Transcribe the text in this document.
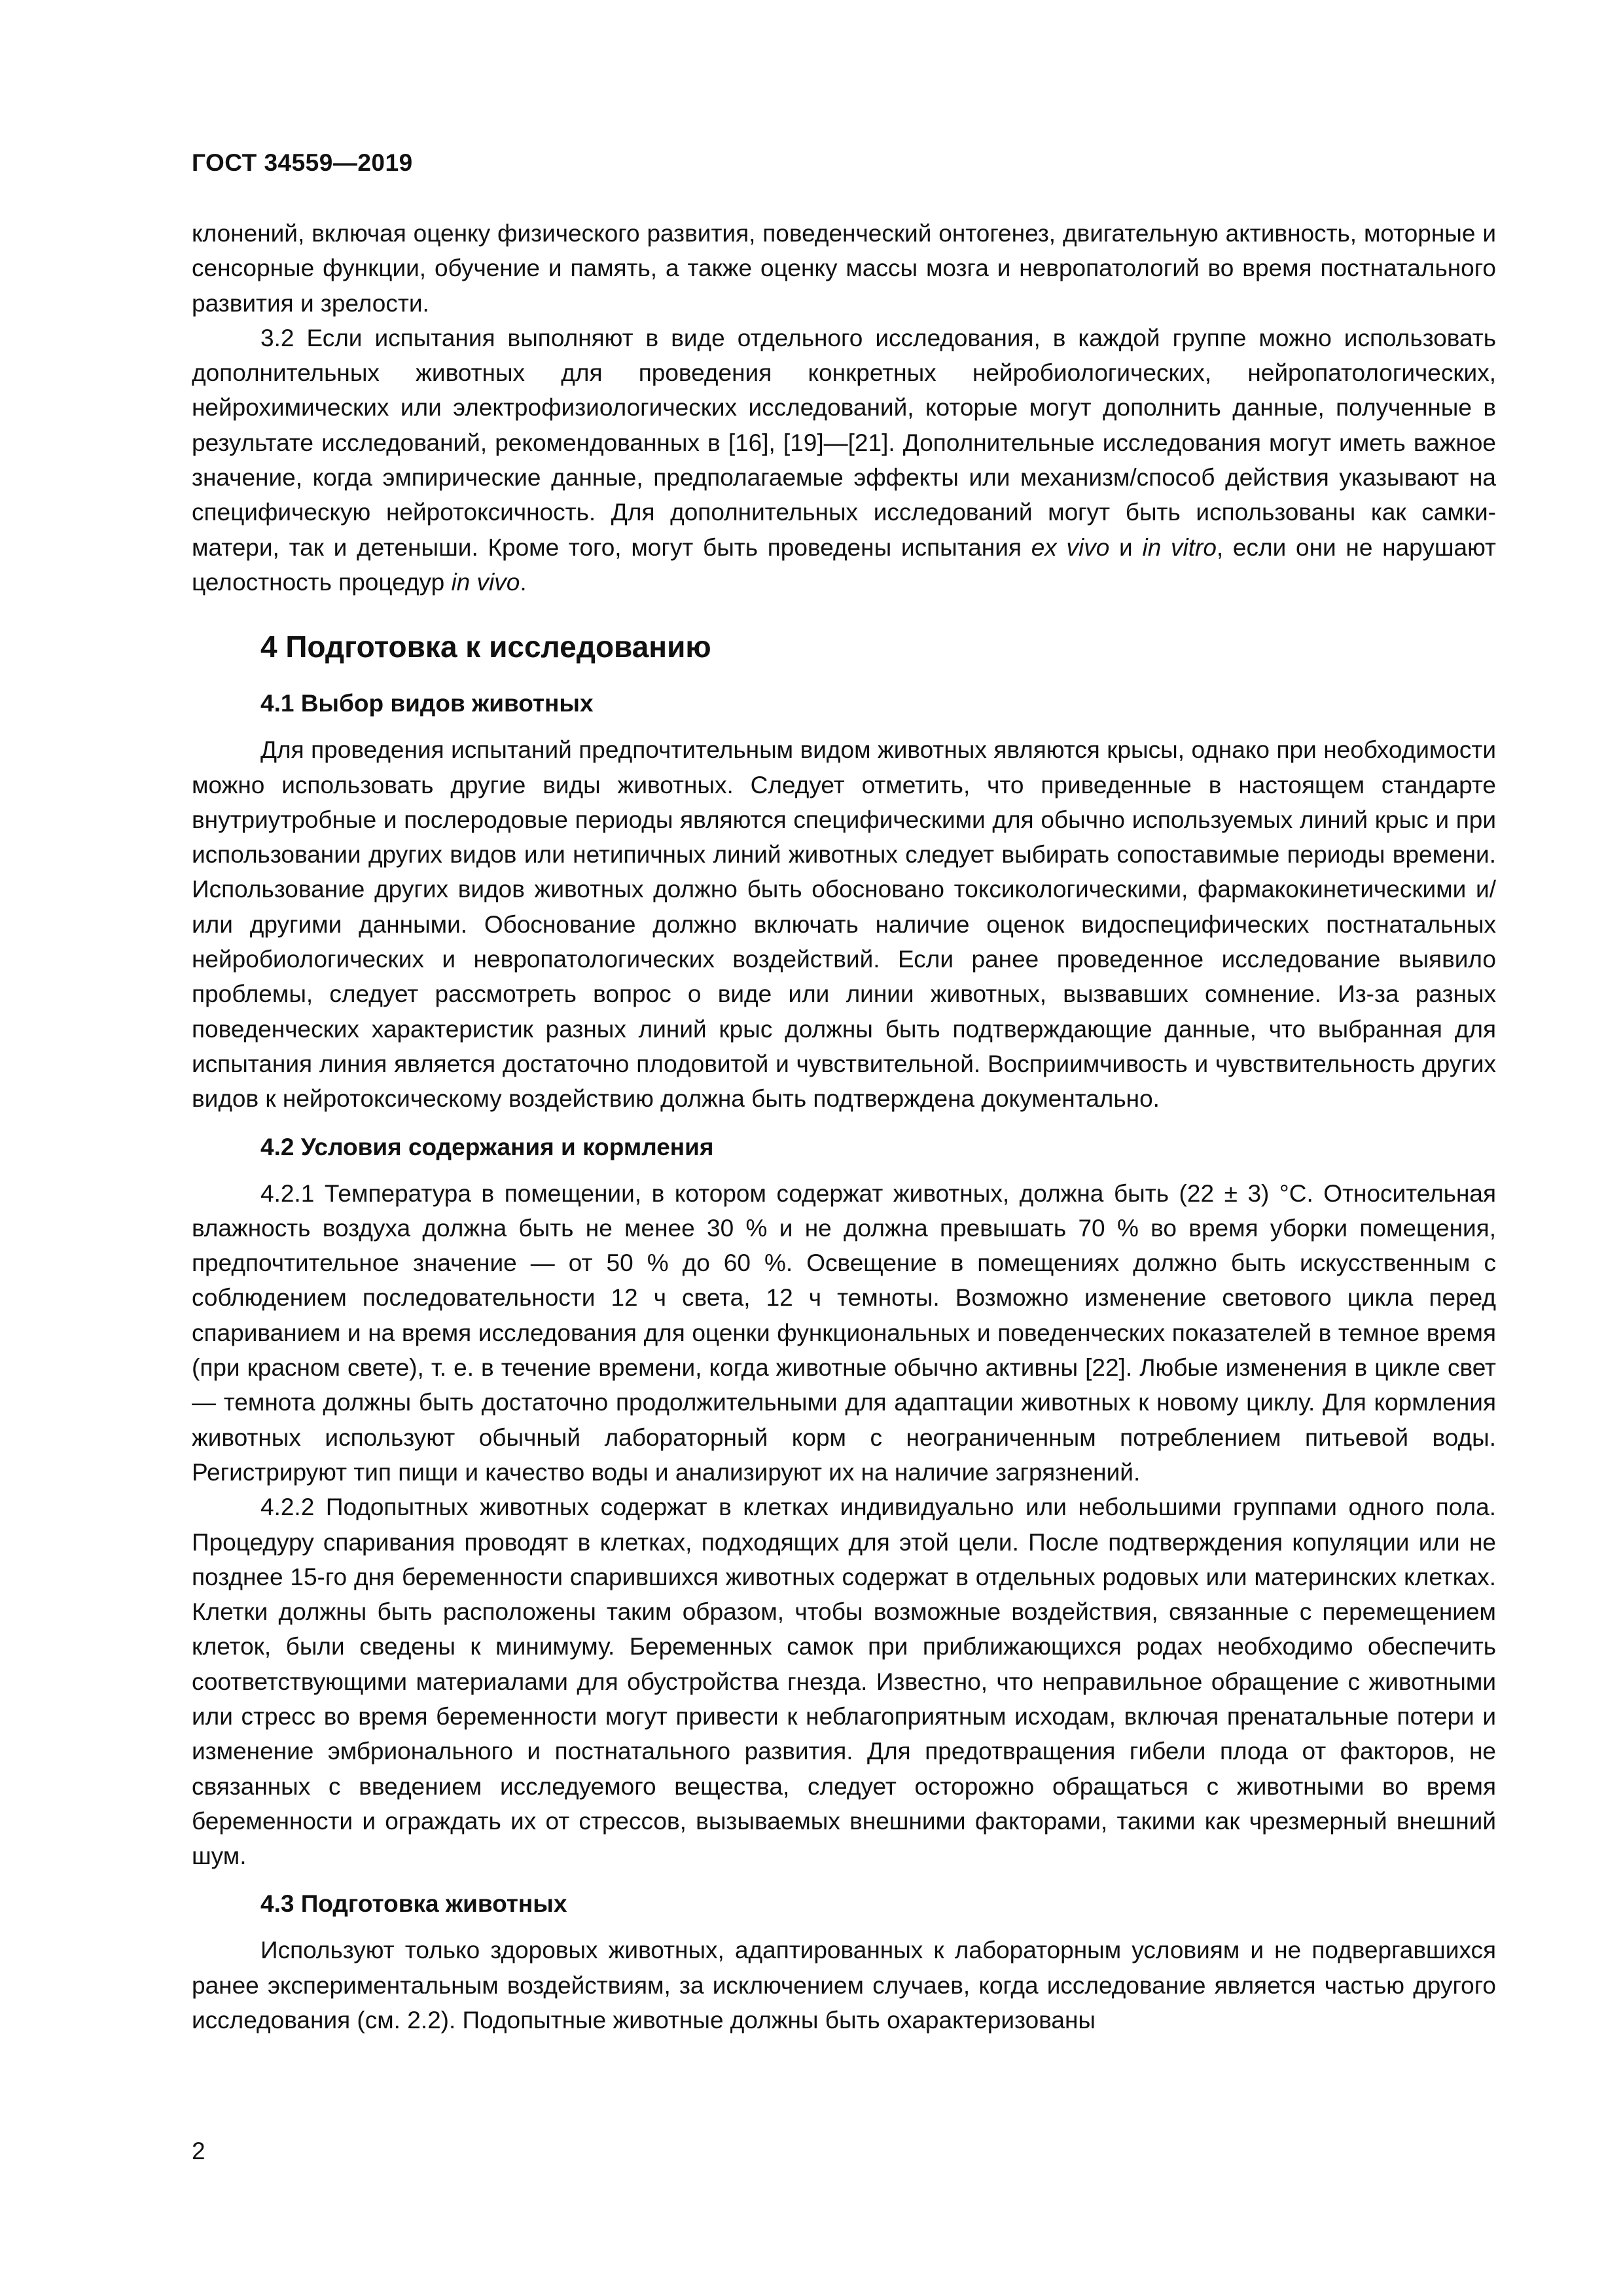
ГОСТ 34559—2019

клонений, включая оценку физического развития, поведенческий онтогенез, двигательную активность, моторные и сенсорные функции, обучение и память, а также оценку массы мозга и невропатологий во время постнатального развития и зрелости.

3.2 Если испытания выполняют в виде отдельного исследования, в каждой группе можно использовать дополнительных животных для проведения конкретных нейробиологических, нейропатологических, нейрохимических или электрофизиологических исследований, которые могут дополнить данные, полученные в результате исследований, рекомендованных в [16], [19]—[21]. Дополнительные исследования могут иметь важное значение, когда эмпирические данные, предполагаемые эффекты или механизм/способ действия указывают на специфическую нейротоксичность. Для дополнительных исследований могут быть использованы как самки-матери, так и детеныши. Кроме того, могут быть проведены испытания ex vivo и in vitro, если они не нарушают целостность процедур in vivo.

4 Подготовка к исследованию
4.1 Выбор видов животных

Для проведения испытаний предпочтительным видом животных являются крысы, однако при необходимости можно использовать другие виды животных. Следует отметить, что приведенные в настоящем стандарте внутриутробные и послеродовые периоды являются специфическими для обычно используемых линий крыс и при использовании других видов или нетипичных линий животных следует выбирать сопоставимые периоды времени. Использование других видов животных должно быть обосновано токсикологическими, фармакокинетическими и/или другими данными. Обоснование должно включать наличие оценок видоспецифических постнатальных нейробиологических и невропатологических воздействий. Если ранее проведенное исследование выявило проблемы, следует рассмотреть вопрос о виде или линии животных, вызвавших сомнение. Из-за разных поведенческих характеристик разных линий крыс должны быть подтверждающие данные, что выбранная для испытания линия является достаточно плодовитой и чувствительной. Восприимчивость и чувствительность других видов к нейротоксическому воздействию должна быть подтверждена документально.

4.2 Условия содержания и кормления

4.2.1 Температура в помещении, в котором содержат животных, должна быть (22 ± 3) °С. Относительная влажность воздуха должна быть не менее 30 % и не должна превышать 70 % во время уборки помещения, предпочтительное значение — от 50 % до 60 %. Освещение в помещениях должно быть искусственным с соблюдением последовательности 12 ч света, 12 ч темноты. Возможно изменение светового цикла перед спариванием и на время исследования для оценки функциональных и поведенческих показателей в темное время (при красном свете), т. е. в течение времени, когда животные обычно активны [22]. Любые изменения в цикле свет — темнота должны быть достаточно продолжительными для адаптации животных к новому циклу. Для кормления животных используют обычный лабораторный корм с неограниченным потреблением питьевой воды. Регистрируют тип пищи и качество воды и анализируют их на наличие загрязнений.

4.2.2 Подопытных животных содержат в клетках индивидуально или небольшими группами одного пола. Процедуру спаривания проводят в клетках, подходящих для этой цели. После подтверждения копуляции или не позднее 15-го дня беременности спарившихся животных содержат в отдельных родовых или материнских клетках. Клетки должны быть расположены таким образом, чтобы возможные воздействия, связанные с перемещением клеток, были сведены к минимуму. Беременных самок при приближающихся родах необходимо обеспечить соответствующими материалами для обустройства гнезда. Известно, что неправильное обращение с животными или стресс во время беременности могут привести к неблагоприятным исходам, включая пренатальные потери и изменение эмбрионального и постнатального развития. Для предотвращения гибели плода от факторов, не связанных с введением исследуемого вещества, следует осторожно обращаться с животными во время беременности и ограждать их от стрессов, вызываемых внешними факторами, такими как чрезмерный внешний шум.

4.3 Подготовка животных

Используют только здоровых животных, адаптированных к лабораторным условиям и не подвергавшихся ранее экспериментальным воздействиям, за исключением случаев, когда исследование является частью другого исследования (см. 2.2). Подопытные животные должны быть охарактеризованы

2
